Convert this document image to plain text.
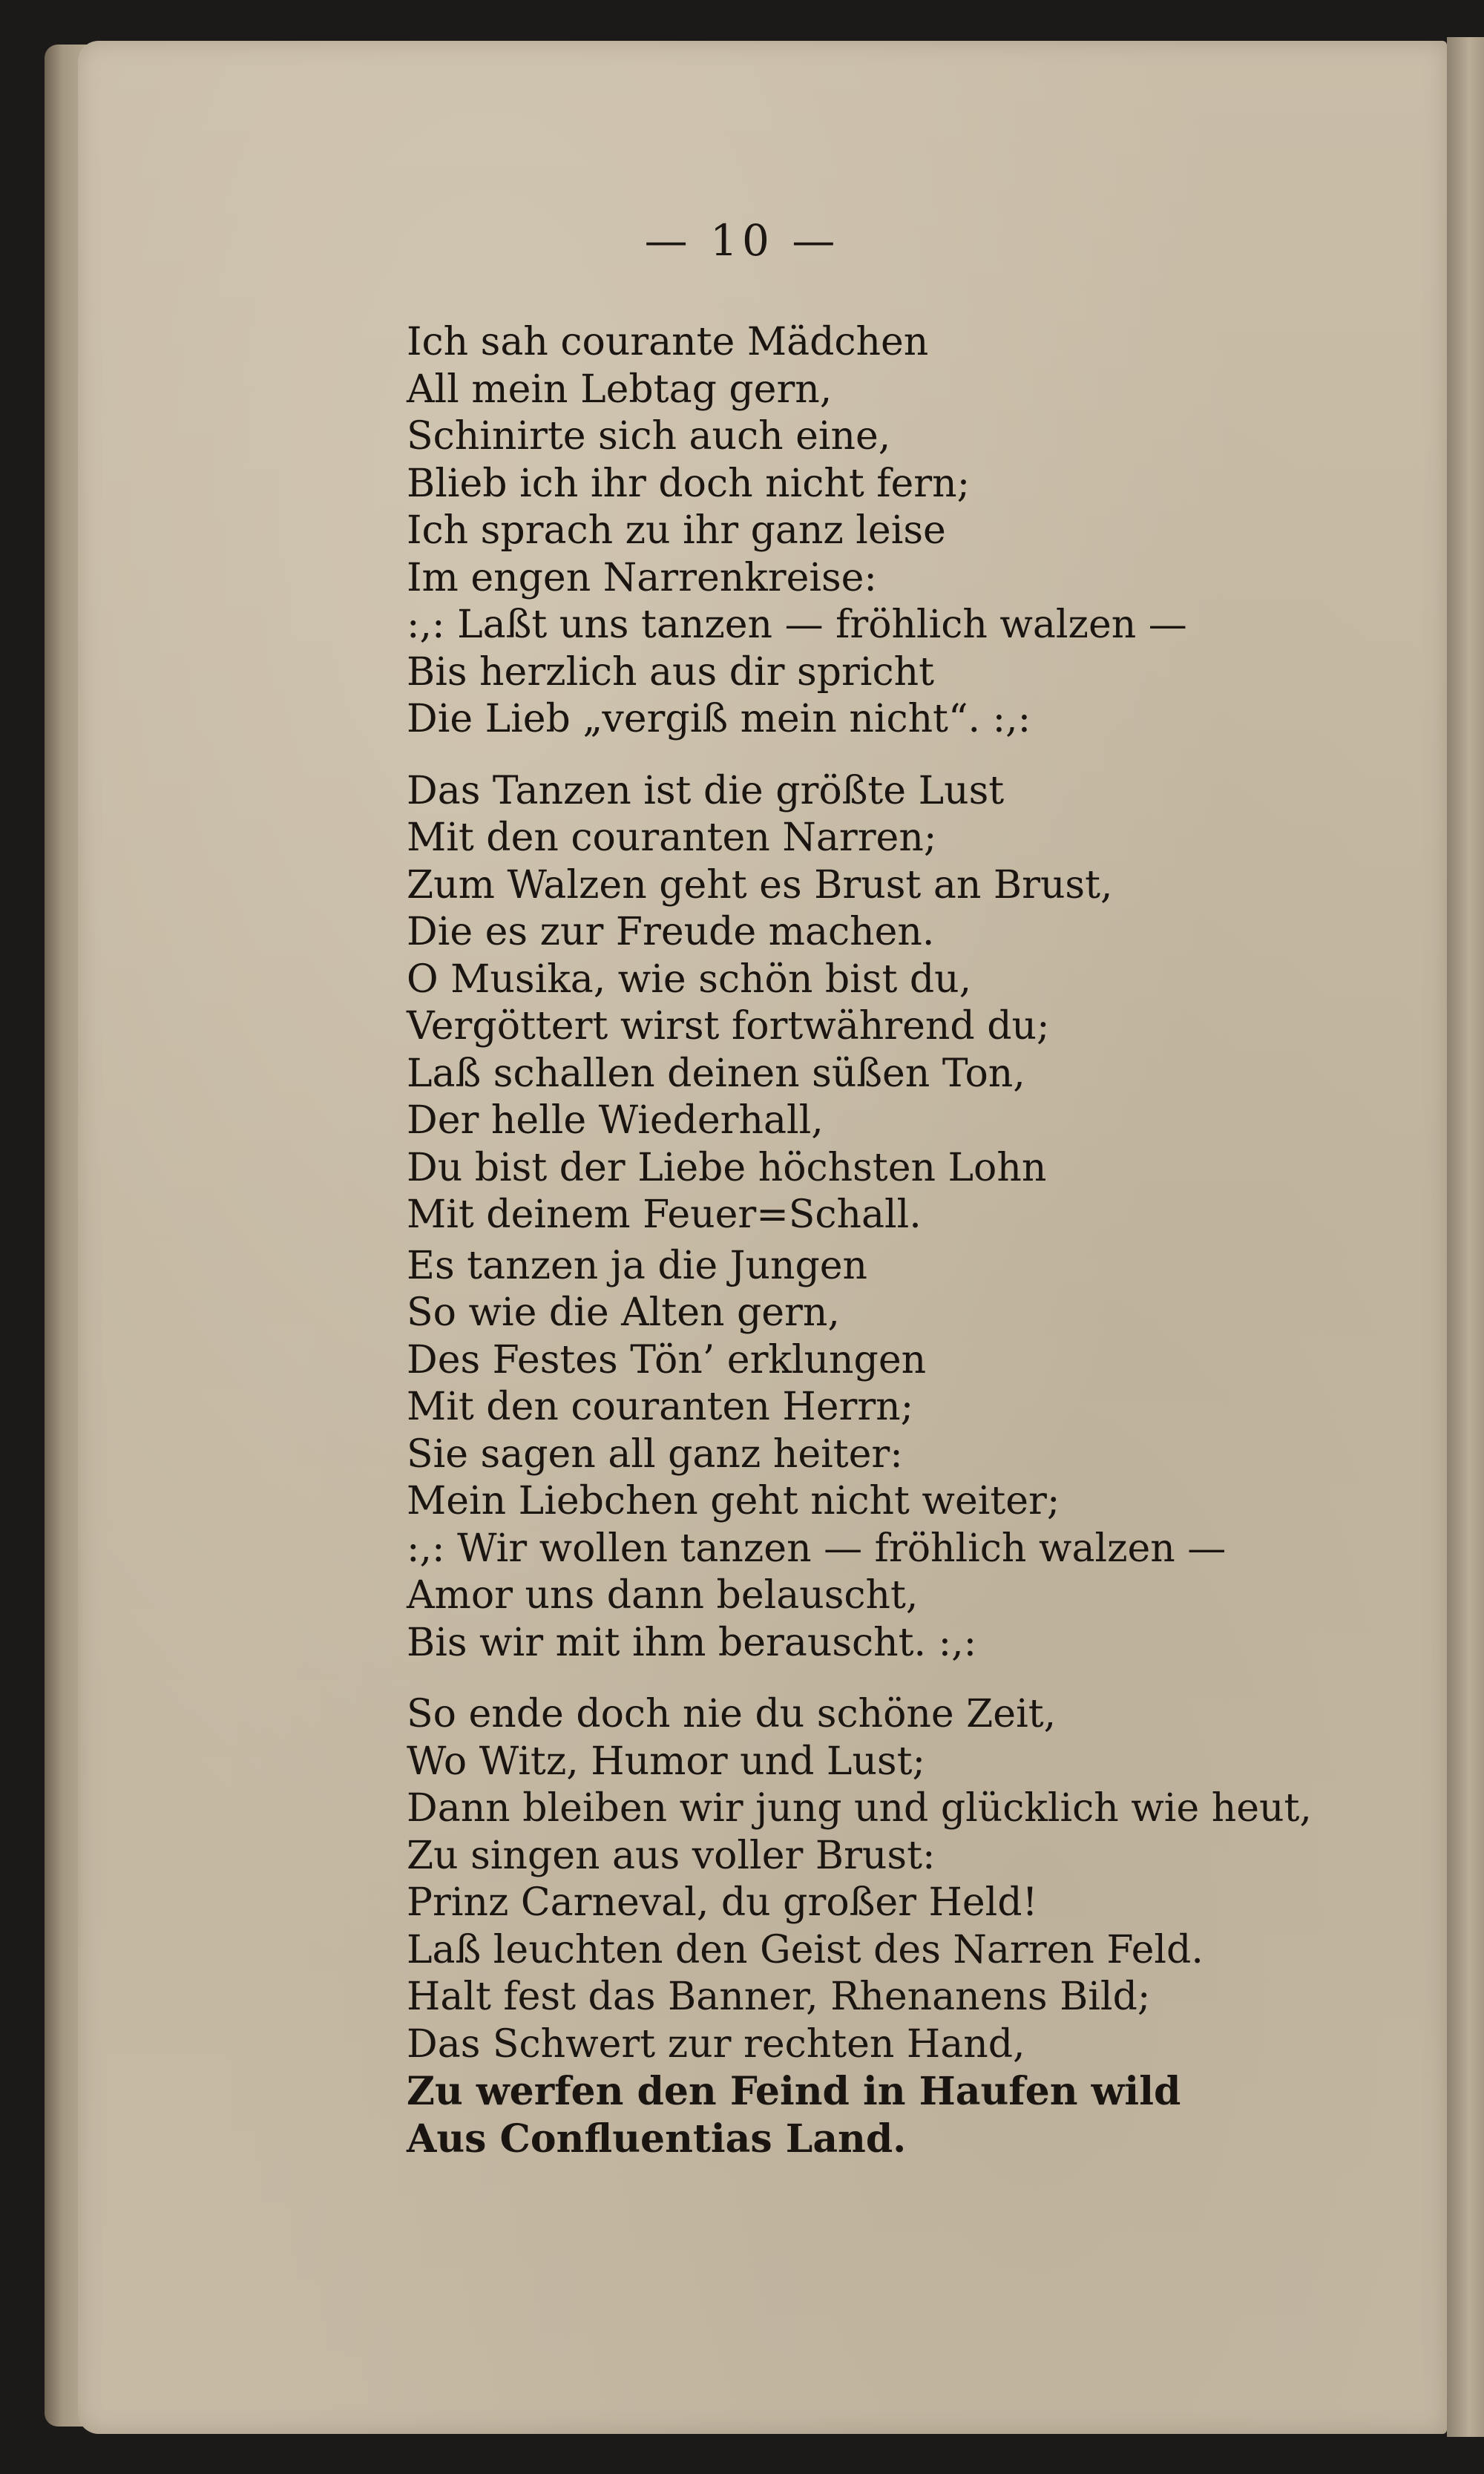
— 10 —
Ich sah courante Mädchen
All mein Lebtag gern,
Schinirte sich auch eine,
Blieb ich ihr doch nicht fern;
Ich sprach zu ihr ganz leise
Im engen Narrenkreise:
:,: Laßt uns tanzen — fröhlich walzen —
Bis herzlich aus dir spricht
Die Lieb „vergiß mein nicht“. :,:
Das Tanzen ist die größte Lust
Mit den couranten Narren;
Zum Walzen geht es Brust an Brust,
Die es zur Freude machen.
O Musika, wie schön bist du,
Vergöttert wirst fortwährend du;
Laß schallen deinen süßen Ton,
Der helle Wiederhall,
Du bist der Liebe höchsten Lohn
Mit deinem Feuer=Schall.
Es tanzen ja die Jungen
So wie die Alten gern,
Des Festes Tön’ erklungen
Mit den couranten Herrn;
Sie sagen all ganz heiter:
Mein Liebchen geht nicht weiter;
:,: Wir wollen tanzen — fröhlich walzen —
Amor uns dann belauscht,
Bis wir mit ihm berauscht. :,:
So ende doch nie du schöne Zeit,
Wo Witz, Humor und Lust;
Dann bleiben wir jung und glücklich wie heut,
Zu singen aus voller Brust:
Prinz Carneval, du großer Held!
Laß leuchten den Geist des Narren Feld.
Halt fest das Banner, Rhenanens Bild;
Das Schwert zur rechten Hand,
Zu werfen den Feind in Haufen wild
Aus Confluentias Land.
